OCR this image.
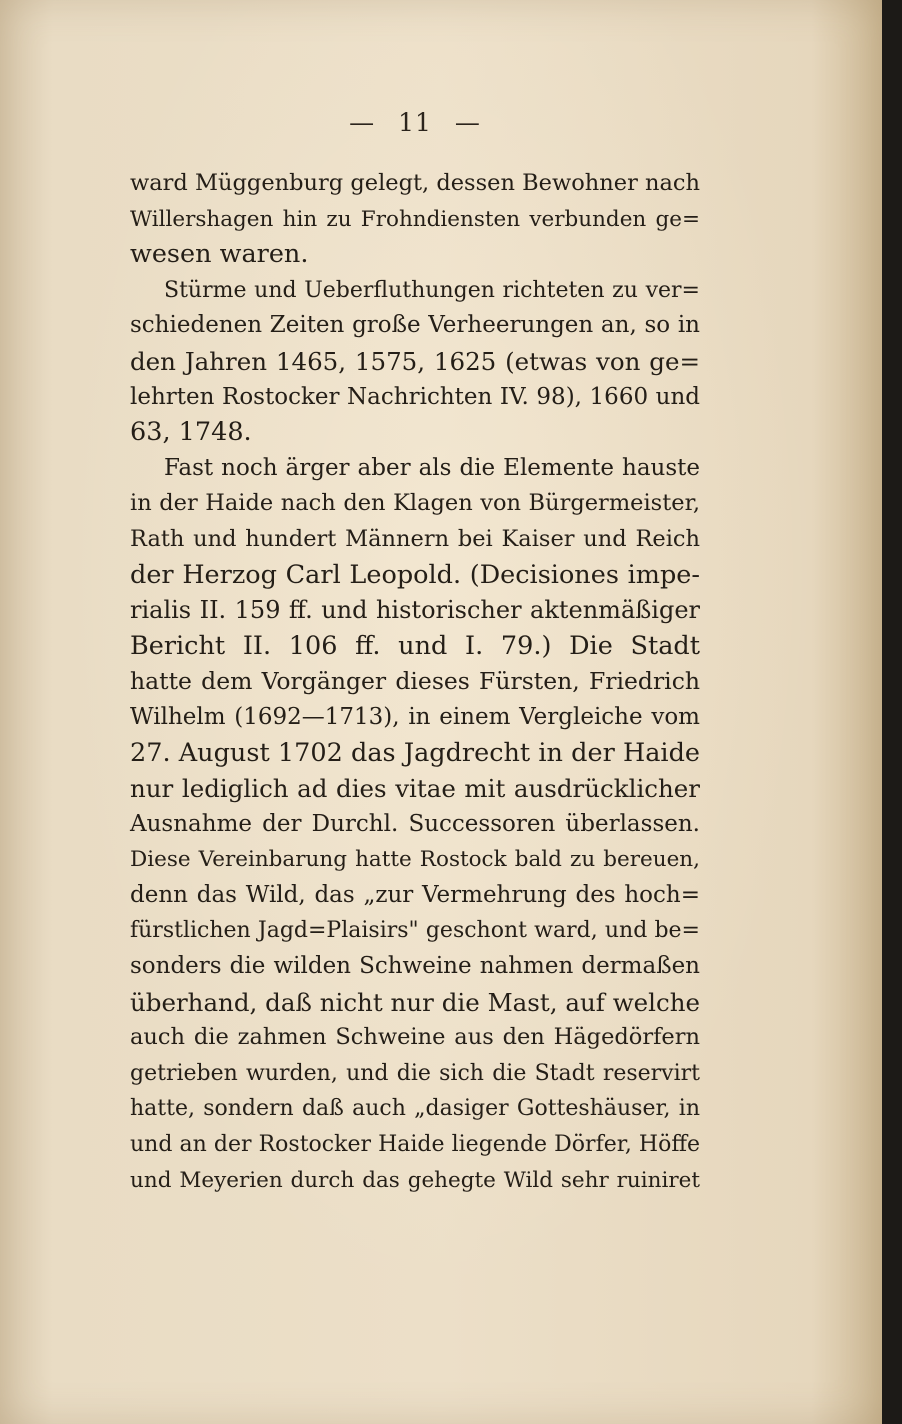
— 11 —
ward Müggenburg gelegt, dessen Bewohner nach
Willershagen hin zu Frohndiensten verbunden ge=
wesen waren.
Stürme und Ueberfluthungen richteten zu ver=
schiedenen Zeiten große Verheerungen an, so in
den Jahren 1465, 1575, 1625 (etwas von ge=
lehrten Rostocker Nachrichten IV. 98), 1660 und
63, 1748.
Fast noch ärger aber als die Elemente hauste
in der Haide nach den Klagen von Bürgermeister,
Rath und hundert Männern bei Kaiser und Reich
der Herzog Carl Leopold. (Decisiones impe-
rialis II. 159 ff. und historischer aktenmäßiger
Bericht II. 106 ff. und I. 79.) Die Stadt
hatte dem Vorgänger dieses Fürsten, Friedrich
Wilhelm (1692—1713), in einem Vergleiche vom
27. August 1702 das Jagdrecht in der Haide
nur lediglich ad dies vitae mit ausdrücklicher
Ausnahme der Durchl. Successoren überlassen.
Diese Vereinbarung hatte Rostock bald zu bereuen,
denn das Wild, das „zur Vermehrung des hoch=
fürstlichen Jagd=Plaisirs" geschont ward, und be=
sonders die wilden Schweine nahmen dermaßen
überhand, daß nicht nur die Mast, auf welche
auch die zahmen Schweine aus den Hägedörfern
getrieben wurden, und die sich die Stadt reservirt
hatte, sondern daß auch „dasiger Gotteshäuser, in
und an der Rostocker Haide liegende Dörfer, Höffe
und Meyerien durch das gehegte Wild sehr ruiniret
